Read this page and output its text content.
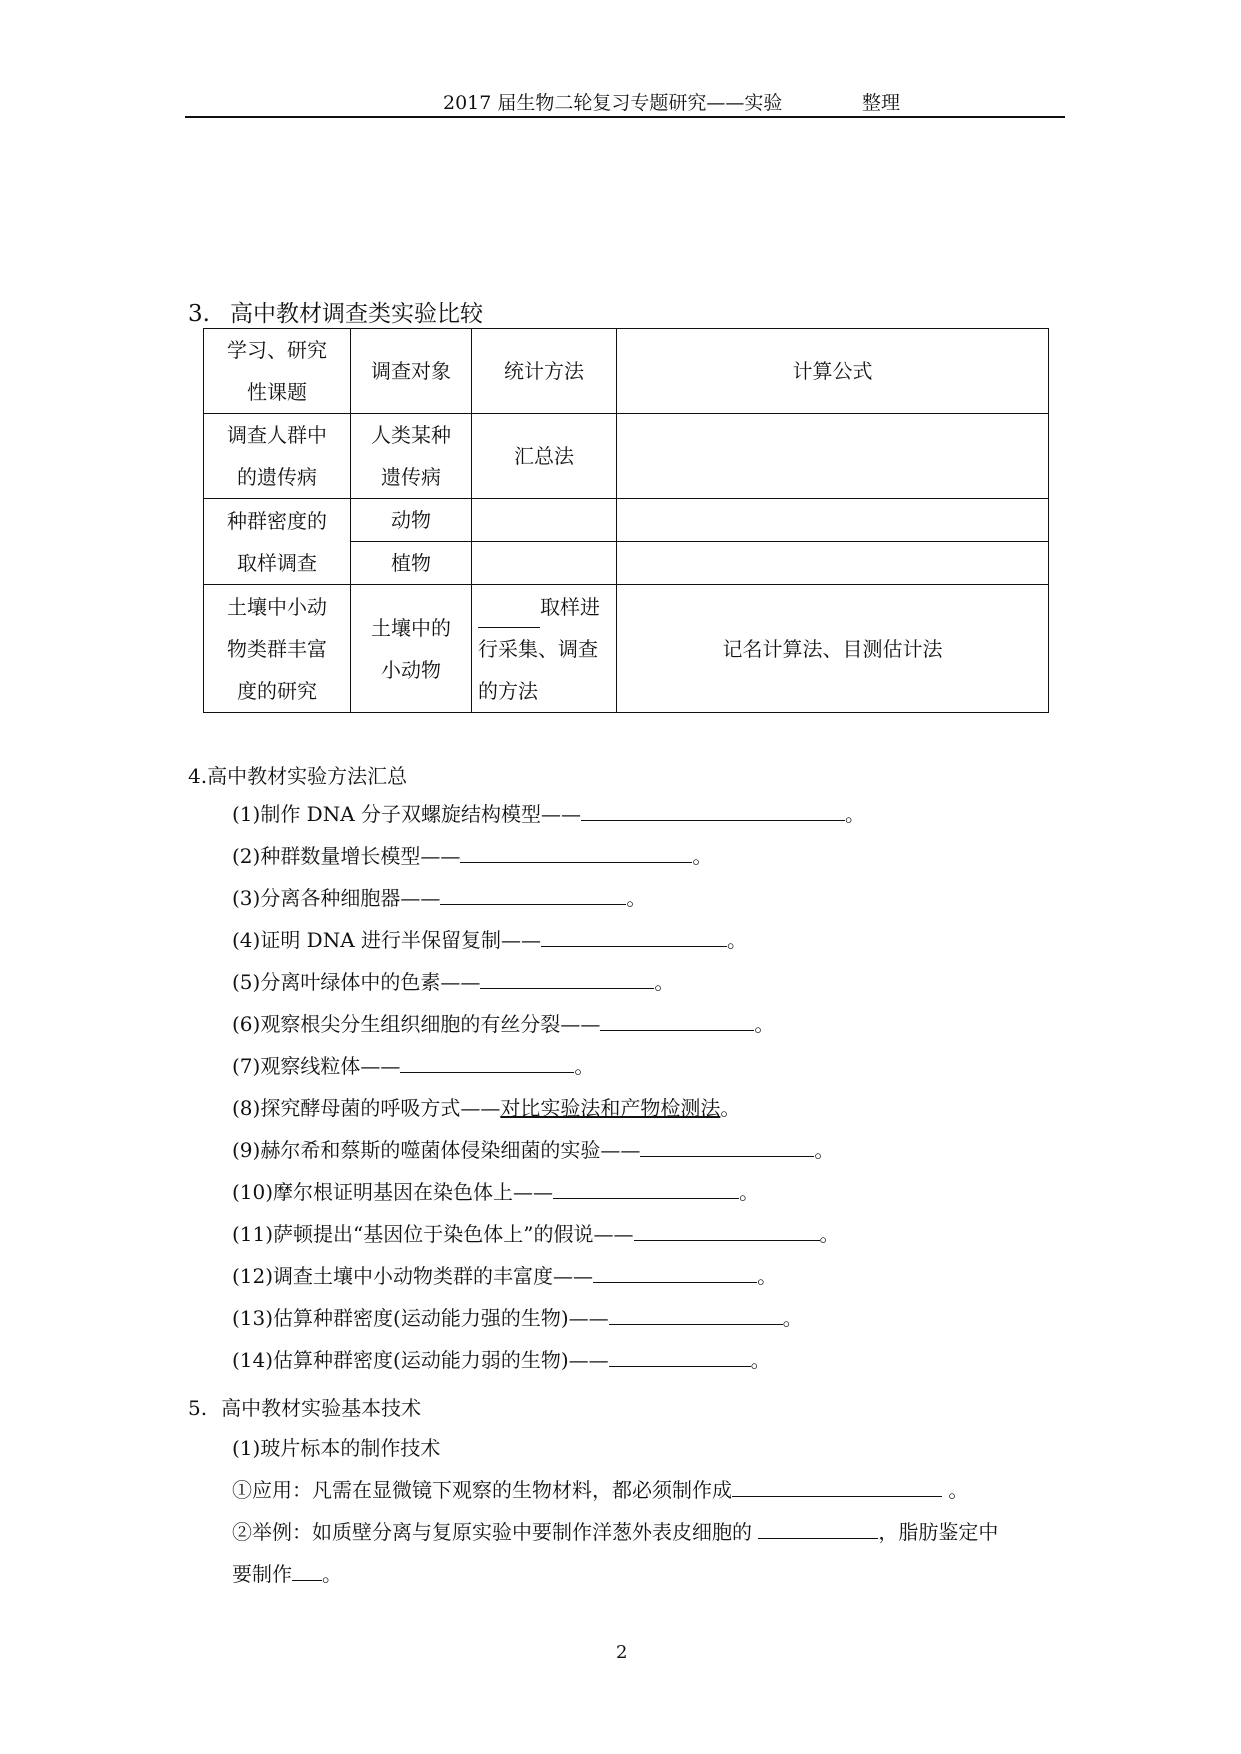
2017 届生物二轮复习专题研究——实验	整理
3. 高中教材调查类实验比较
学习、研究性课题	调查对象	统计方法	计算公式

调查人群中的遗传病	人类某种遗传病	汇总法	

种群密度的取样调查	动物		
	植物		

土壤中小动物类群丰富度的研究	土壤中的小动物	取样进行采集、调查的方法	记名计算法、目测估计法
4.高中教材实验方法汇总
(1)制作 DNA 分子双螺旋结构模型——	。
(2)种群数量增长模型——	。
(3)分离各种细胞器——	。
(4)证明 DNA 进行半保留复制——	。
(5)分离叶绿体中的色素——	。
(6)观察根尖分生组织细胞的有丝分裂——	。
(7)观察线粒体——	。
(8)探究酵母菌的呼吸方式——对比实验法和产物检测法。
(9)赫尔希和蔡斯的噬菌体侵染细菌的实验——	。
(10)摩尔根证明基因在染色体上——	。
(11)萨顿提出“基因位于染色体上”的假说——	。
(12)调查土壤中小动物类群的丰富度——	。
(13)估算种群密度(运动能力强的生物)——	。
(14)估算种群密度(运动能力弱的生物)——	。
5. 高中教材实验基本技术
(1)玻片标本的制作技术
①应用：凡需在显微镜下观察的生物材料，都必须制作成	。
②举例：如质壁分离与复原实验中要制作洋葱外表皮细胞的	，脂肪鉴定中
要制作 。
2
